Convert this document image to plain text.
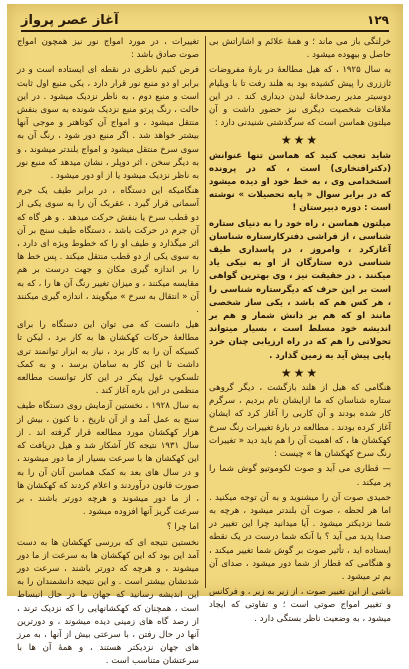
۱۲۹
آغاز عصر پرواز

خرلنگی باز می ماند ؛ و همهٔ علائم و اشاراتش بی حاصل و بیهوده میشود .

به سال ۱۹۲۵ ، که هیل مطالعهٔ در بارهٔ مفروضات ثاززری را پیش کشیده بود به هلند رفت تا با ویلیام دوسیتر مدیر رصدخانهٔ لیدن دیداری کند . در این ملاقات شخصیت دیگری نیز حضور داشت و آن میلتون هماسن است که سرگذشتی شنیدنی دارد :

★★★

شاید تعجب کنید که هماسن تنها عنوانش (دکترافتخاری) است ، که در پرونده استخدامی وی ، به خط خود او دیده میشود که در برابر سوال « پایه تحصیلات » نوشته است : دوره دبیرستان !

میلتون هماسن ، راه خود را به دنیای ستاره شناسی ، از فراشی دفترکارستاره شناسان آغازکرد ، وامروز ، در پاسداری طیف شناسی ذره ستارگان از او به نیکی یاد میکنند . در حقیقت نیز ، وی بهترین گواهی است بر این حرف که دیگرستاره شناسی را ، هر کس هم که باشد ، یکی ساز شخصی مانند او که هم بر دانش شمار و هم بر اندیشه خود مسلط است ، بسیار میتواند تحولاتی را هم که در راه ارزیابی چنان خرد پایی پیش آید به زمین گذارد .

★★★

هنگامی که هیل از هلند بازگشت ، دیگر گروهی ستاره شناسان که ما ازایشان نام بردیم ، سرگرم کار شده بودند و آن کاربی را آغاز کرد که ایشان آغاز کرده بودند . مطالعه در بارهٔ تغییرات رنگ سرخ کهکشان ها ، که اهمیت آن را هم باید دید « تغییرات رنگ سرخ کهکشان ها » چیست :

— قطاری می آید و صوت لکوموتیو گوش شما را پر میکند .

حمیدی صوت آن را میشنوید و به آن توجه میکنید . اما هر لحظه ، صوت آن بلندتر میشود ، هرچه به شما نزدیکتر میشود . آیا میدانید چرا این تغییر در صدا پدید می آید ؟ با آنکه شما درست در یک نقطه ایستاده اید ، تأثیر صوت بر گوش شما تغییر میکند ، و هنگامی که قطار از شما دور میشود ، صدای آن بم تر میشود .

ناشی از این تغییر صوت ، از زیر به زیر ، و فرکانس و تغییر امواج صوتی است ؛ و تفاوتی که ایجاد میشود ، به وضعیت ناظر بستگی دارد .

تغییرات ، در مورد امواج نور نیز همچون امواج صوت صادق باشد :

فرض کنیم ناظری در نقطه ای ایستاده است و در برابر او دو منبع نور قرار دارد ، یکی منبع اول ثابت است و منبع دوم ، به ناظر نزدیک میشود . در این حالت ، رنگ پرتو منبع نزدیک شونده به سوی بنفش منتقل میشود ، و امواج آن کوتاهتر و موجی آنها بیشتر خواهد شد . اگر منبع دور شود ، رنگ آن به سوی سرخ منتقل میشود و امواج بلندتر میشوند ، و به دیگر سخن ، اثر دوپلر ، نشان میدهد که منبع نور به ناظر نزدیک میشود یا از او دور میشود .

هنگامیکه این دستگاه ، در برابر طیف یک جرم آسمانی قرار گیرد ، عقربک آن را به سوی یکی از دو قطب سرخ یا بنفش حرکت میدهد . و هر گاه که آن جرم در حرکت باشد ، دستگاه طیف سنج بر آن اثر میگذارد و طیف او را که خطوط ویژه ای دارد ، به سوی یکی از دو قطب منتقل میکند . پس خط ها را بر اندازه گیری مکان و جهت درست بر هم مقایسه میکنند ، و میزان تغییر رنگ آن ها را ، که به آن « انتقال به سرخ » میگویند ، اندازه گیری میکنند .

هیل دانست که می توان این دستگاه را برای مطالعهٔ حرکات کهکشان ها به کار برد ، لیکن تا کسیکه آن را به کار برد ، نیاز به ابزار توانمند تری داشت تا این کار به سامان برسد ، و به کمک تلسکوپ غول پیکر در این کار توانست مطالعه منظمی در این باره آغاز کند .

به سال ۱۹۲۸ ، نخستین آزمایش روی دستگاه طیف سنج به عمل آمد و از آن تاریخ ، تا کنون ، بیش از هزار کهکشان مورد مطالعه قرار گرفته اند . از سال ۱۹۳۱ نتیجه کار آشکار شد و هیل دریافت که این کهکشان ها با سرعت بسیار از ما دور میشوند ، و در سال های بعد به کمک هماسن آنان آن را به صورت قانون درآوردند و اعلام کردند که کهکشان ها ، از ما دور میشوند و هرچه دورتر باشند ، بر سرعت گریز آنها افزوده میشود .

اما چرا ؟

نخستین نتیجه ای که بررسی کهکشان ها به دست آمد این بود که این کهکشان ها به سرعت از ما دور میشوند ، و هرچه که دورتر باشند ، سرعت دور شدنشان بیشتر است . و این نتیجه دانشمندان را به این اندیشه رسانید که جهان ما در حال انبساط است ، همچنان که کهکشانهایی را که نزدیک ترند ، از رصد گاه های زمینی دیده میشوند ، و دورترین آنها در حال رفتن ، با سرعتی بیش از آنها ، به مرز های جهان نزدیکتر هستند ، و همهٔ آن ها با سرعتشان متناسب است .
